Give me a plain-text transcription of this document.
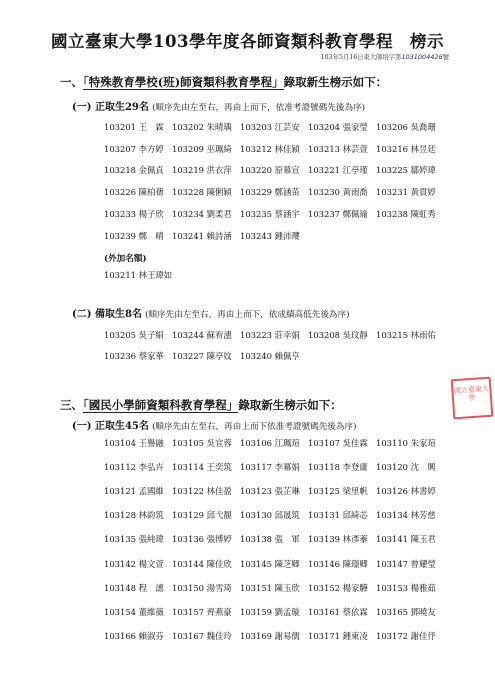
國立臺東大學103學年度各師資類科教育學程　榜示
103年5月16日東大師培字第1031004426號
一、「特殊教育學校(班)師資類科教育學程」錄取新生榜示如下：
(一) 正取生29名 (順序先由左至右，再由上而下，依准考證號碼先後為序)
103201 王　霖 103202 朱晴瑀 103203 江芸安 103204 張家瑩 103206 吳喬珊
103207 李方婷 103209 巫珮綺 103212 林佳穎 103213 林芸萱 103216 林昱廷
103218 金佩貞 103219 洪衣萍 103220 原慕宣 103221 江亭瑾 103225 鄒婷瑋
103226 陳柏蒨 103228 陳俐穎 103229 鄭涵苗 103230 黃雨喬 103231 黃貫婷
103233 楊子欣 103234 劉柔君 103235 蔡涵宇 103237 鄭佩瑜 103238 陳虹秀
103239 鄭　晴 103241 賴詩涵 103243 鍾沛瓔
(外加名額)
103211 林王瑋如
(二) 備取生8名 (順序先由左至右，再由上而下，依成績高低先後為序)
103205 吳子絹 103244 蘇宥潓 103223 莊幸娟 103208 吳玟靜 103215 林雨佑
103236 蔡家華 103227 陳亭妏 103240 賴佩亨
三、「國民小學師資類科教育學程」錄取新生榜示如下：
(一) 正取生45名 (順序先由左至右，再由上而下依准考證號碼先後為序)
103104 王譽融 103105 吳宜蓉 103106 江珮瑄 103107 吳佳霖 103110 朱家瑄
103112 李弘卉 103114 王奕筑 103117 李冪娟 103118 李登庸 103120 沈　興
103121 孟國維 103122 林佳盈 103123 張芷琳 103125 梁里帆 103126 林書婷
103128 林韵筑 103129 邱弋靚 103130 邱晟筑 103131 邱綺芯 103134 林芳慈
103135 張純瑋 103136 張博婷 103138 張　軍 103139 林彥蓁 103141 陳玉君
103142 楊文萱 103144 陳佳欣 103145 陳芝卿 103146 陳璟卿 103147 曾耀瑩
103148 程　譓 103150 湯雪琦 103151 陳玉欣 103152 楊家驊 103153 楊雅茹
103154 董維薇 103157 齊燕豪 103159 劉孟璇 103161 蔡依霖 103165 鄧曉友
103166 賴淑芬 103167 魏佳玲 103169 謝易儒 103171 鍾東凌 103172 謝佳伃
國立臺東大學
